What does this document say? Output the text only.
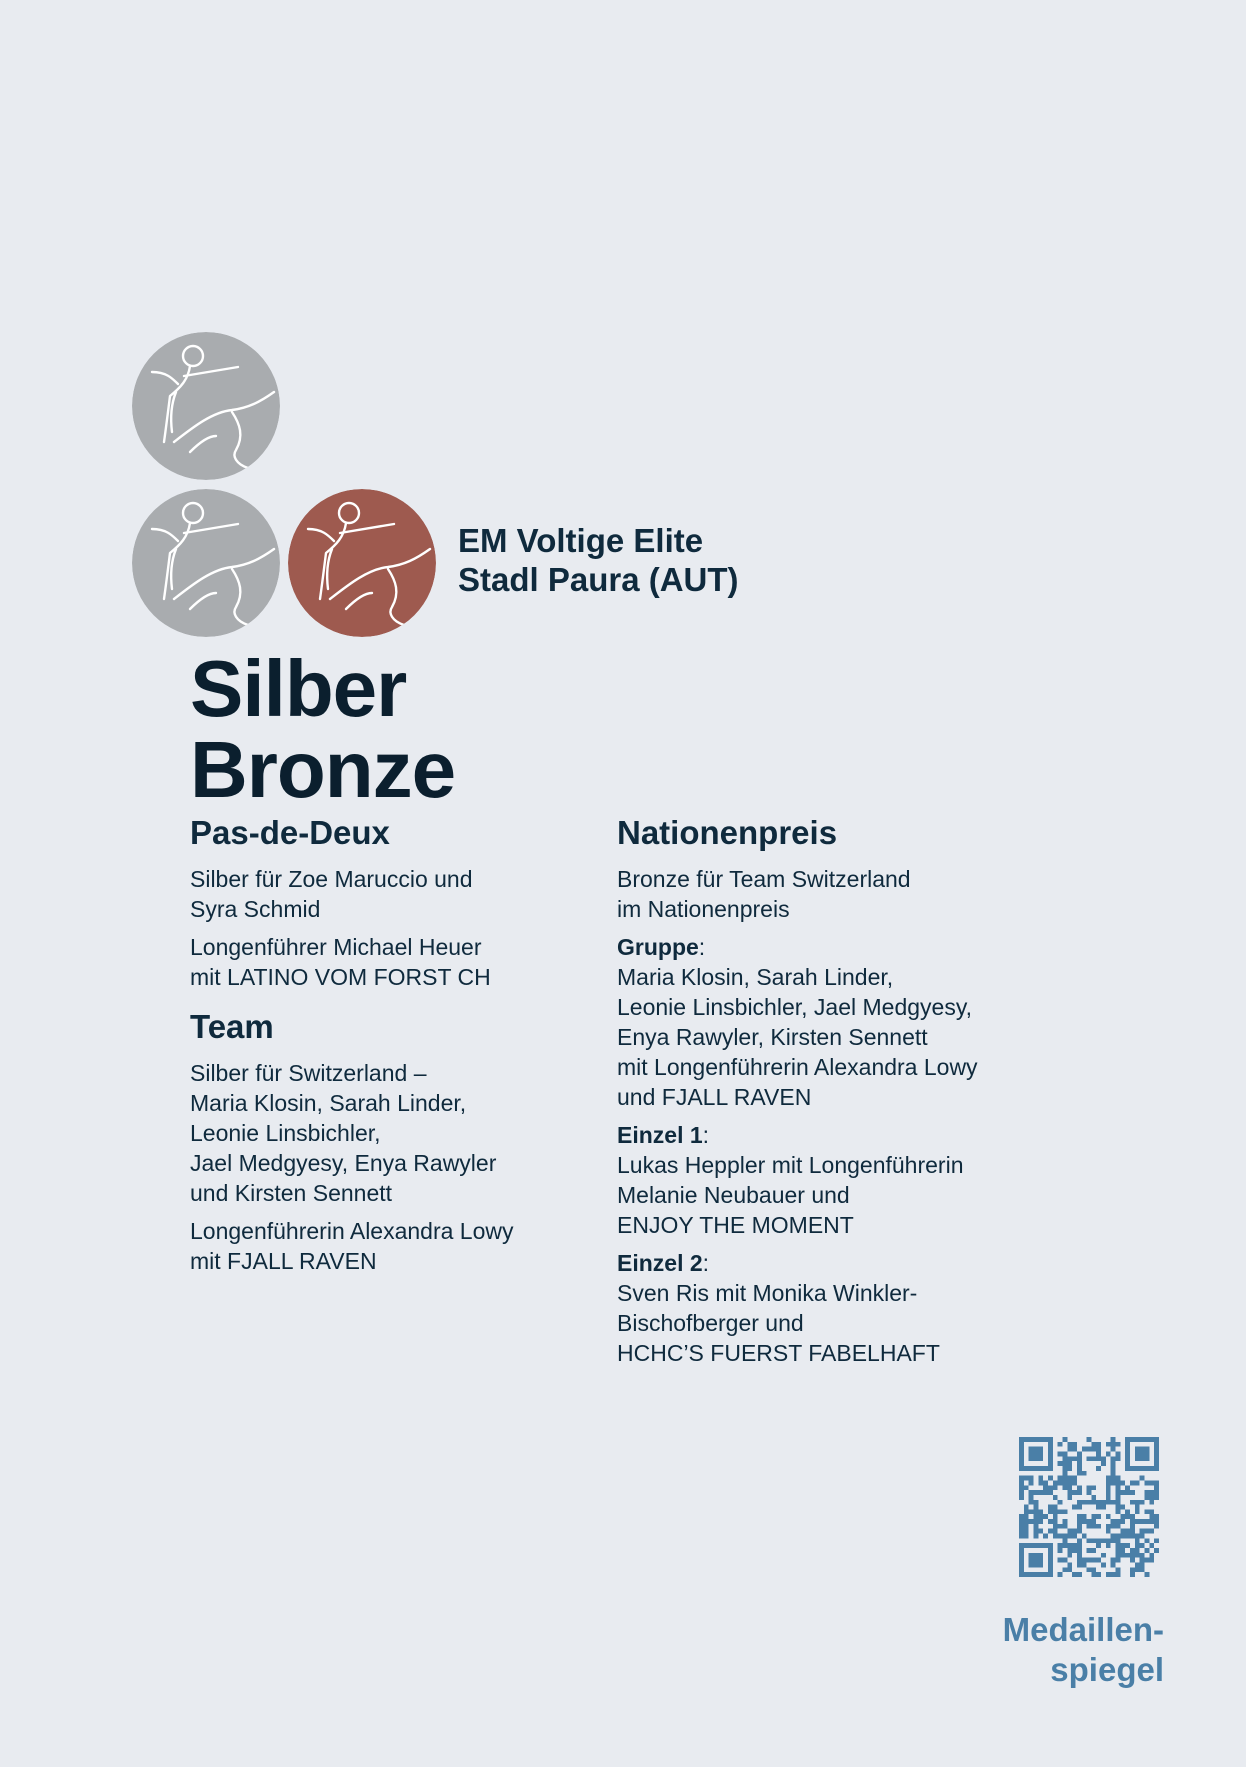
EM Voltige Elite
Stadl Paura (AUT)
Silber
Bronze
Pas-de-Deux

Silber für Zoe Maruccio und
Syra Schmid

Longenführer Michael Heuer
mit LATINO VOM FORST CH

Team

Silber für Switzerland –
Maria Klosin, Sarah Linder,
Leonie Linsbichler,
Jael Medgyesy, Enya Rawyler
und Kirsten Sennett

Longenführerin Alexandra Lowy
mit FJALL RAVEN

Nationenpreis

Bronze für Team Switzerland
im Nationenpreis

Gruppe:

Maria Klosin, Sarah Linder,
Leonie Linsbichler, Jael Medgyesy,
Enya Rawyler, Kirsten Sennett
mit Longenführerin Alexandra Lowy
und FJALL RAVEN

Einzel 1:

Lukas Heppler mit Longenführerin
Melanie Neubauer und
ENJOY THE MOMENT

Einzel 2:

Sven Ris mit Monika Winkler-
Bischofberger und
HCHC’S FUERST FABELHAFT

Medaillen-
spiegel
